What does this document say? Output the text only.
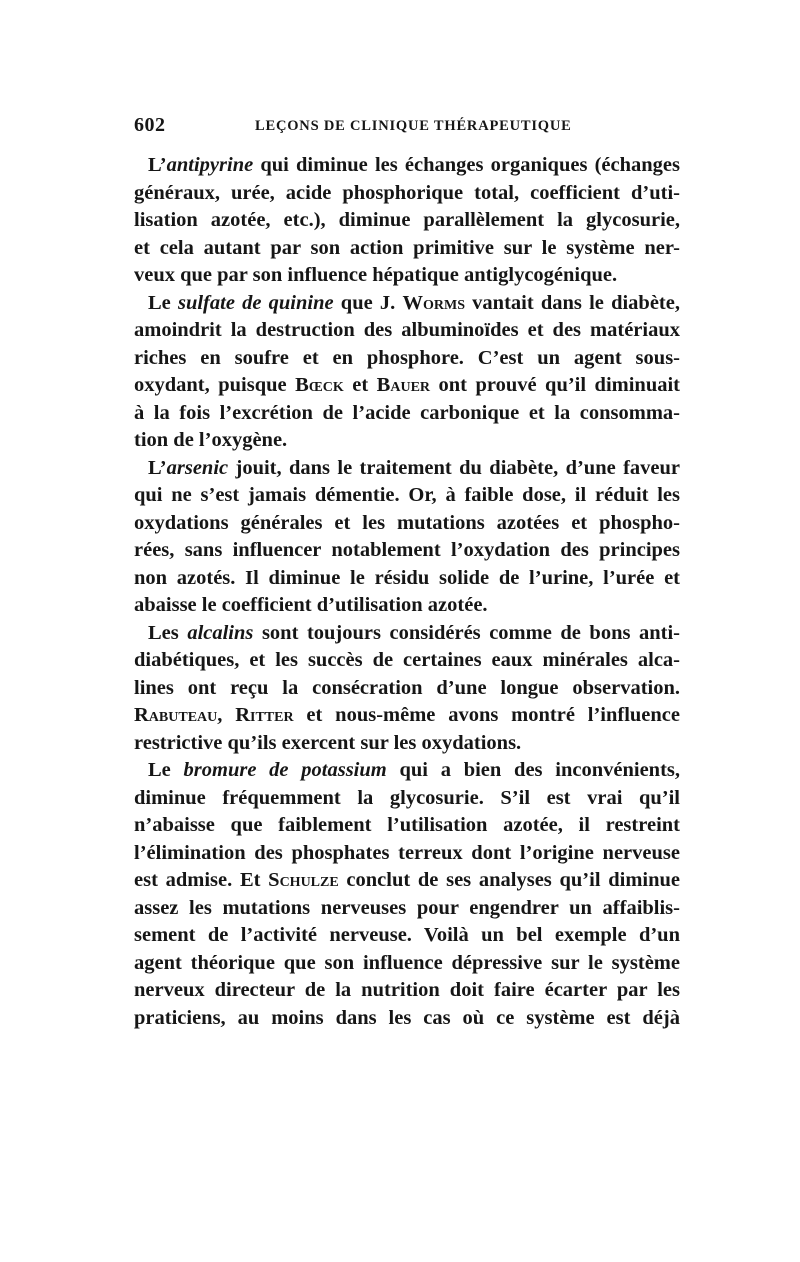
602	LEÇONS DE CLINIQUE THÉRAPEUTIQUE
L’antipyrine qui diminue les échanges organiques (échanges
généraux, urée, acide phosphorique total, coefficient d’uti-
lisation azotée, etc.), diminue parallèlement la glycosurie,
et cela autant par son action primitive sur le système ner-
veux que par son influence hépatique antiglycogénique.
Le sulfate de quinine que J. Worms vantait dans le diabète,
amoindrit la destruction des albuminoïdes et des matériaux
riches en soufre et en phosphore. C’est un agent sous-
oxydant, puisque Bœck et Bauer ont prouvé qu’il diminuait
à la fois l’excrétion de l’acide carbonique et la consomma-
tion de l’oxygène.
L’arsenic jouit, dans le traitement du diabète, d’une faveur
qui ne s’est jamais démentie. Or, à faible dose, il réduit les
oxydations générales et les mutations azotées et phospho-
rées, sans influencer notablement l’oxydation des principes
non azotés. Il diminue le résidu solide de l’urine, l’urée et
abaisse le coefficient d’utilisation azotée.
Les alcalins sont toujours considérés comme de bons anti-
diabétiques, et les succès de certaines eaux minérales alca-
lines ont reçu la consécration d’une longue observation.
Rabuteau, Ritter et nous-même avons montré l’influence
restrictive qu’ils exercent sur les oxydations.
Le bromure de potassium qui a bien des inconvénients,
diminue fréquemment la glycosurie. S’il est vrai qu’il
n’abaisse que faiblement l’utilisation azotée, il restreint
l’élimination des phosphates terreux dont l’origine nerveuse
est admise. Et Schulze conclut de ses analyses qu’il diminue
assez les mutations nerveuses pour engendrer un affaiblis-
sement de l’activité nerveuse. Voilà un bel exemple d’un
agent théorique que son influence dépressive sur le système
nerveux directeur de la nutrition doit faire écarter par les
praticiens, au moins dans les cas où ce système est déjà
